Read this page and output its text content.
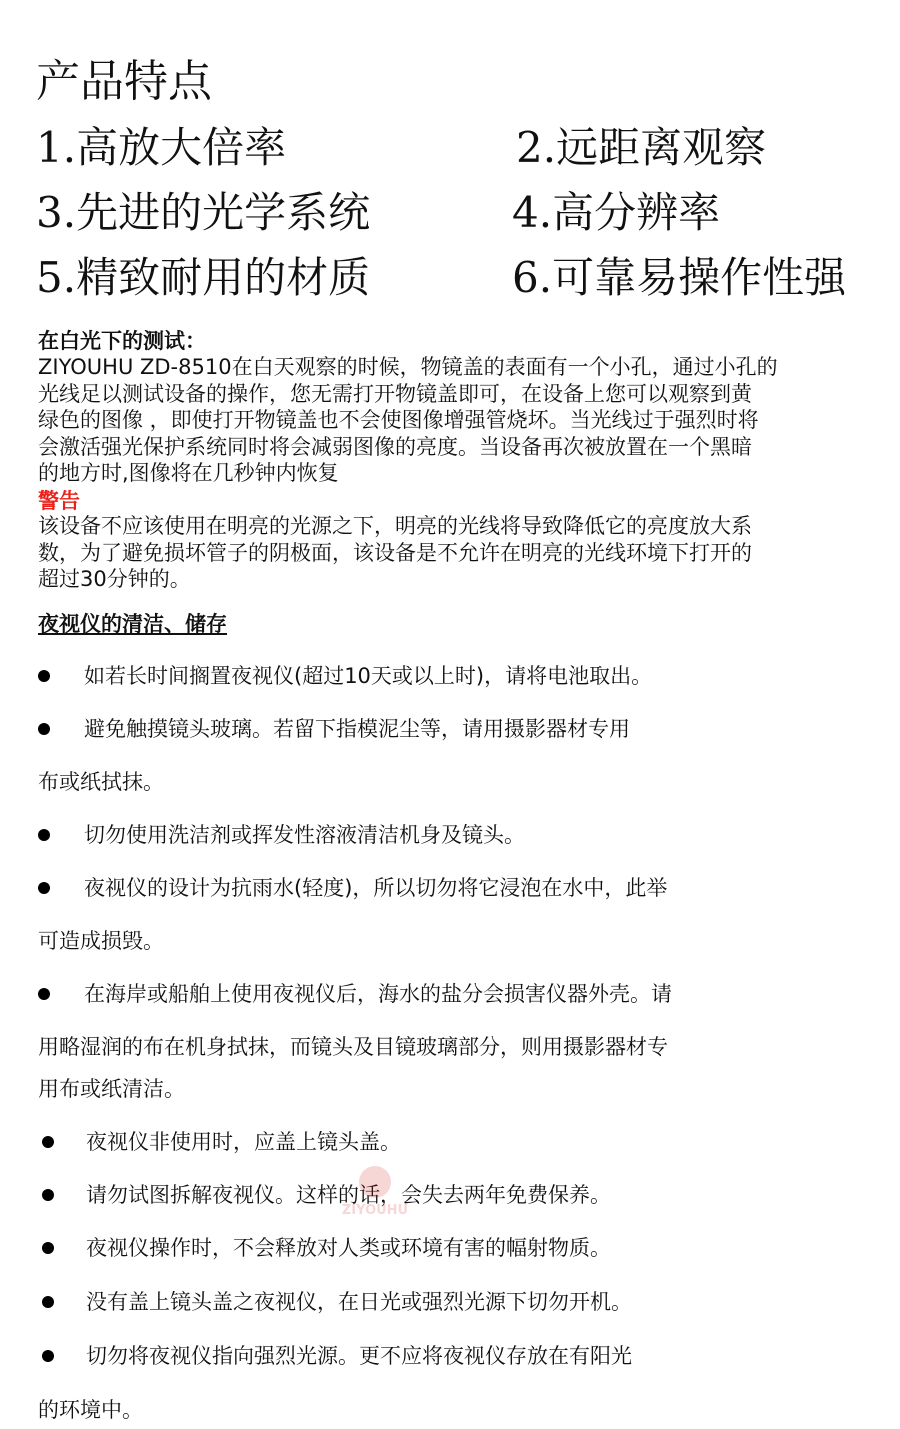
产品特点
1.高放大倍率	2.远距离观察
3.先进的光学系统	4.高分辨率
5.精致耐用的材质	6.可靠易操作性强
在白光下的测试：
ZIYOUHU ZD-8510在白天观察的时候，物镜盖的表面有一个小孔，通过小孔的
光线足以测试设备的操作，您无需打开物镜盖即可，在设备上您可以观察到黄
绿色的图像 ，即使打开物镜盖也不会使图像增强管烧坏。当光线过于强烈时将
会激活强光保护系统同时将会减弱图像的亮度。当设备再次被放置在一个黑暗
的地方时,图像将在几秒钟内恢复
警告
该设备不应该使用在明亮的光源之下，明亮的光线将导致降低它的亮度放大系
数，为了避免损坏管子的阴极面，该设备是不允许在明亮的光线环境下打开的
超过30分钟的。
夜视仪的清洁、储存
如若长时间搁置夜视仪(超过10天或以上时)，请将电池取出。
避免触摸镜头玻璃。若留下指模泥尘等，请用摄影器材专用
布或纸拭抹。
切勿使用洗洁剂或挥发性溶液清洁机身及镜头。
夜视仪的设计为抗雨水(轻度)，所以切勿将它浸泡在水中，此举
可造成损毁。
在海岸或船舶上使用夜视仪后，海水的盐分会损害仪器外壳。请
用略湿润的布在机身拭抹，而镜头及目镜玻璃部分，则用摄影器材专
用布或纸清洁。
夜视仪非使用时，应盖上镜头盖。
请勿试图拆解夜视仪。这样的话，会失去两年免费保养。
夜视仪操作时，不会释放对人类或环境有害的幅射物质。
没有盖上镜头盖之夜视仪，在日光或强烈光源下切勿开机。
切勿将夜视仪指向强烈光源。更不应将夜视仪存放在有阳光
的环境中。
ZIYOUHU
